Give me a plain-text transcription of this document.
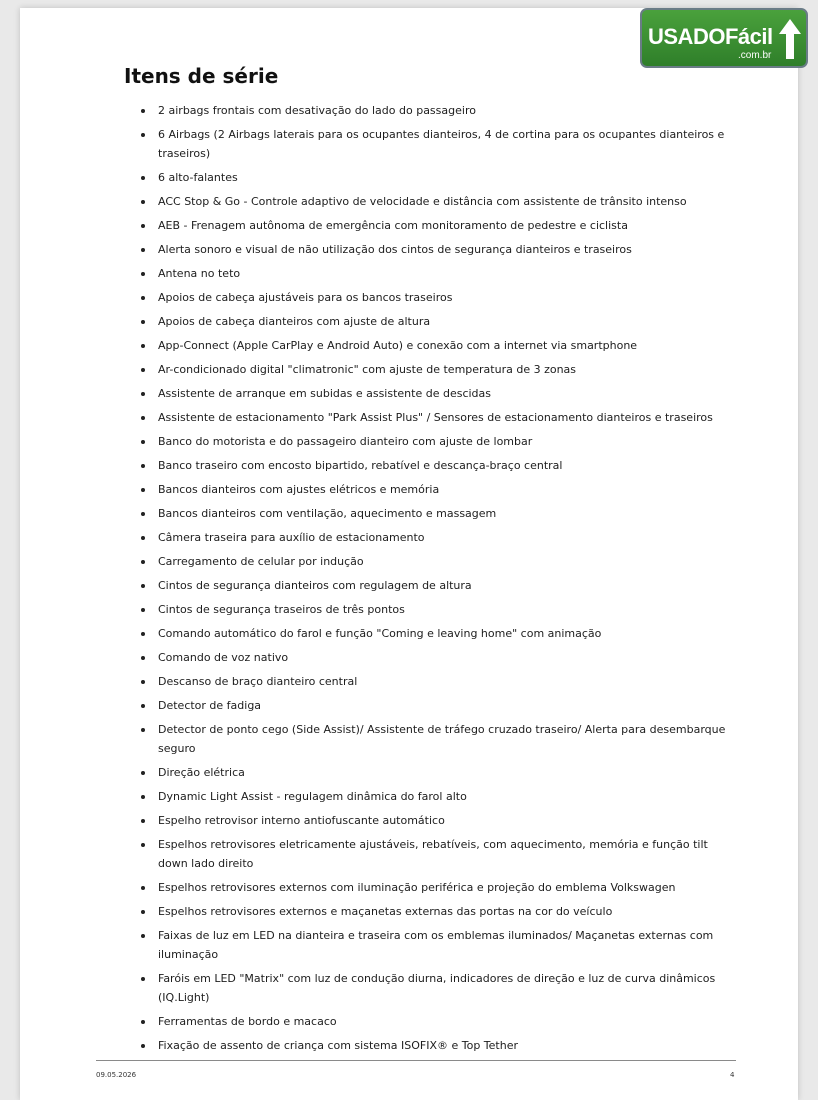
Itens de série
2 airbags frontais com desativação do lado do passageiro
6 Airbags (2 Airbags laterais para os ocupantes dianteiros, 4 de cortina para os ocupantes dianteiros e traseiros)
6 alto-falantes
ACC Stop & Go - Controle adaptivo de velocidade e distância com assistente de trânsito intenso
AEB - Frenagem autônoma de emergência com monitoramento de pedestre e ciclista
Alerta sonoro e visual de não utilização dos cintos de segurança dianteiros e traseiros
Antena no teto
Apoios de cabeça ajustáveis para os bancos traseiros
Apoios de cabeça dianteiros com ajuste de altura
App-Connect (Apple CarPlay e Android Auto) e conexão com a internet via smartphone
Ar-condicionado digital "climatronic" com ajuste de temperatura de 3 zonas
Assistente de arranque em subidas e assistente de descidas
Assistente de estacionamento "Park Assist Plus" / Sensores de estacionamento dianteiros e traseiros
Banco do motorista e do passageiro dianteiro com ajuste de lombar
Banco traseiro com encosto bipartido, rebatível e descança-braço central
Bancos dianteiros com ajustes elétricos e memória
Bancos dianteiros com ventilação, aquecimento e massagem
Câmera traseira para auxílio de estacionamento
Carregamento de celular por indução
Cintos de segurança dianteiros com regulagem de altura
Cintos de segurança traseiros de três pontos
Comando automático do farol e função "Coming e leaving home" com animação
Comando de voz nativo
Descanso de braço dianteiro central
Detector de fadiga
Detector de ponto cego (Side Assist)/ Assistente de tráfego cruzado traseiro/ Alerta para desembarque seguro
Direção elétrica
Dynamic Light Assist - regulagem dinâmica do farol alto
Espelho retrovisor interno antiofuscante automático
Espelhos retrovisores eletricamente ajustáveis, rebatíveis, com aquecimento, memória e função tilt down lado direito
Espelhos retrovisores externos com iluminação periférica e projeção do emblema Volkswagen
Espelhos retrovisores externos e maçanetas externas das portas na cor do veículo
Faixas de luz em LED na dianteira e traseira com os emblemas iluminados/ Maçanetas externas com iluminação
Faróis em LED "Matrix" com luz de condução diurna, indicadores de direção e luz de curva dinâmicos (IQ.Light)
Ferramentas de bordo e macaco
Fixação de assento de criança com sistema ISOFIX® e Top Tether
09.05.2026	4
USADOFácil
.com.br
